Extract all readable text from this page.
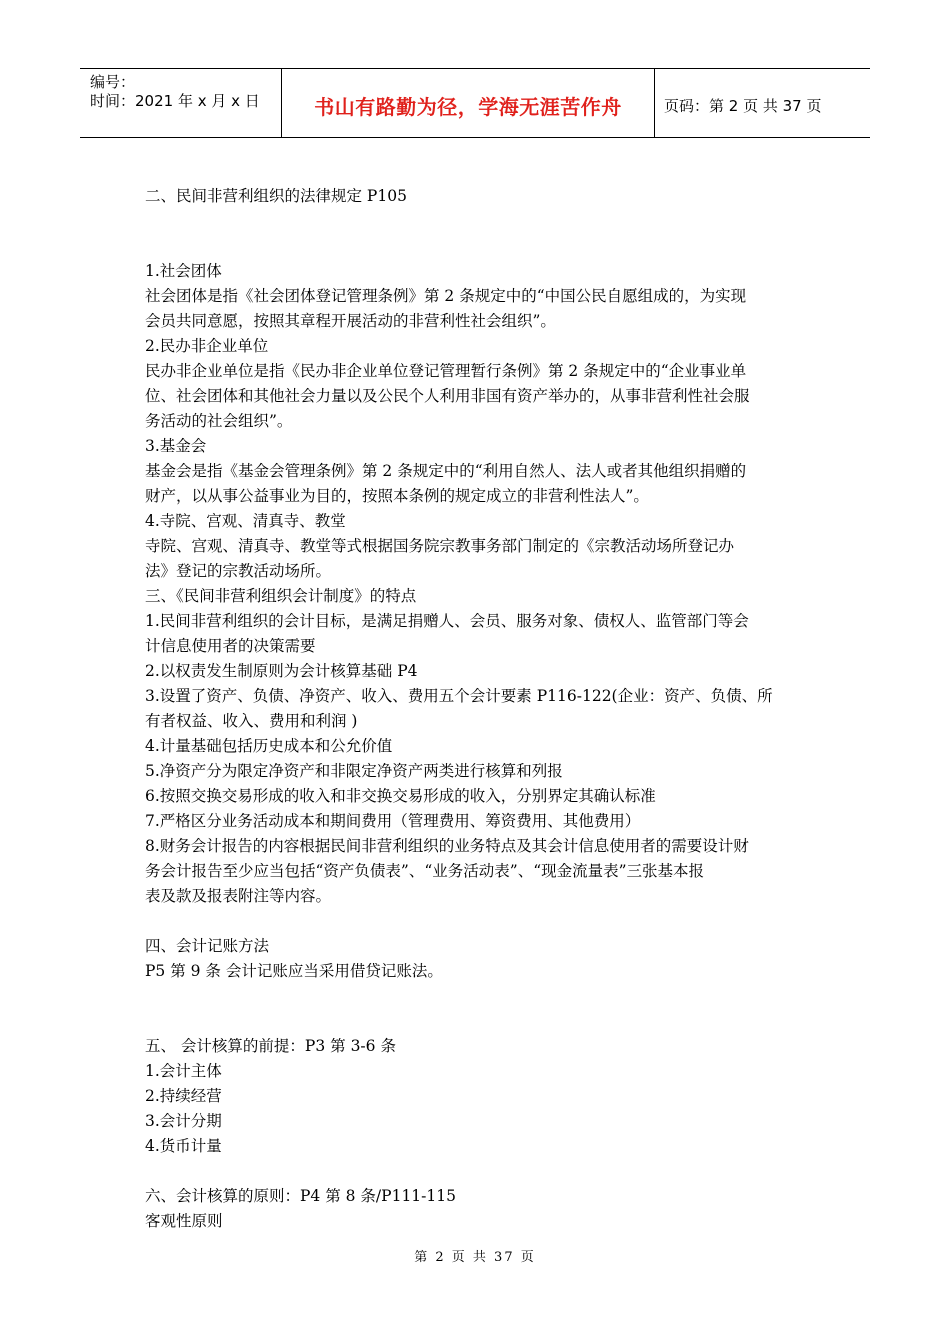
编号：
时间：2021 年 x 月 x 日	书山有路勤为径，学海无涯苦作舟	页码：第 2 页 共 37 页
二、民间非营利组织的法律规定 P105
1.社会团体
社会团体是指《社会团体登记管理条例》第 2 条规定中的“中国公民自愿组成的，为实现
会员共同意愿，按照其章程开展活动的非营利性社会组织”。
2.民办非企业单位
民办非企业单位是指《民办非企业单位登记管理暂行条例》第 2 条规定中的“企业事业单
位、社会团体和其他社会力量以及公民个人利用非国有资产举办的，从事非营利性社会服
务活动的社会组织”。
3.基金会
基金会是指《基金会管理条例》第 2 条规定中的“利用自然人、法人或者其他组织捐赠的
财产，以从事公益事业为目的，按照本条例的规定成立的非营利性法人”。
4.寺院、宫观、清真寺、教堂
寺院、宫观、清真寺、教堂等式根据国务院宗教事务部门制定的《宗教活动场所登记办
法》登记的宗教活动场所。
三、《民间非营利组织会计制度》的特点
1.民间非营利组织的会计目标，是满足捐赠人、会员、服务对象、债权人、监管部门等会
计信息使用者的决策需要
2.以权责发生制原则为会计核算基础 P4
3.设置了资产、负债、净资产、收入、费用五个会计要素 P116-122(企业：资产、负债、所
有者权益、收入、费用和利润 )
4.计量基础包括历史成本和公允价值
5.净资产分为限定净资产和非限定净资产两类进行核算和列报
6.按照交换交易形成的收入和非交换交易形成的收入，分别界定其确认标准
7.严格区分业务活动成本和期间费用（管理费用、筹资费用、其他费用）
8.财务会计报告的内容根据民间非营利组织的业务特点及其会计信息使用者的需要设计财
务会计报告至少应当包括“资产负债表”、“业务活动表”、“现金流量表”三张基本报
表及款及报表附注等内容。
四、会计记账方法
P5 第 9 条 会计记账应当采用借贷记账法。
五、 会计核算的前提：P3 第 3-6 条
1.会计主体
2.持续经营
3.会计分期
4.货币计量
六、会计核算的原则：P4 第 8 条/P111-115
客观性原则
第 2 页 共 37 页
